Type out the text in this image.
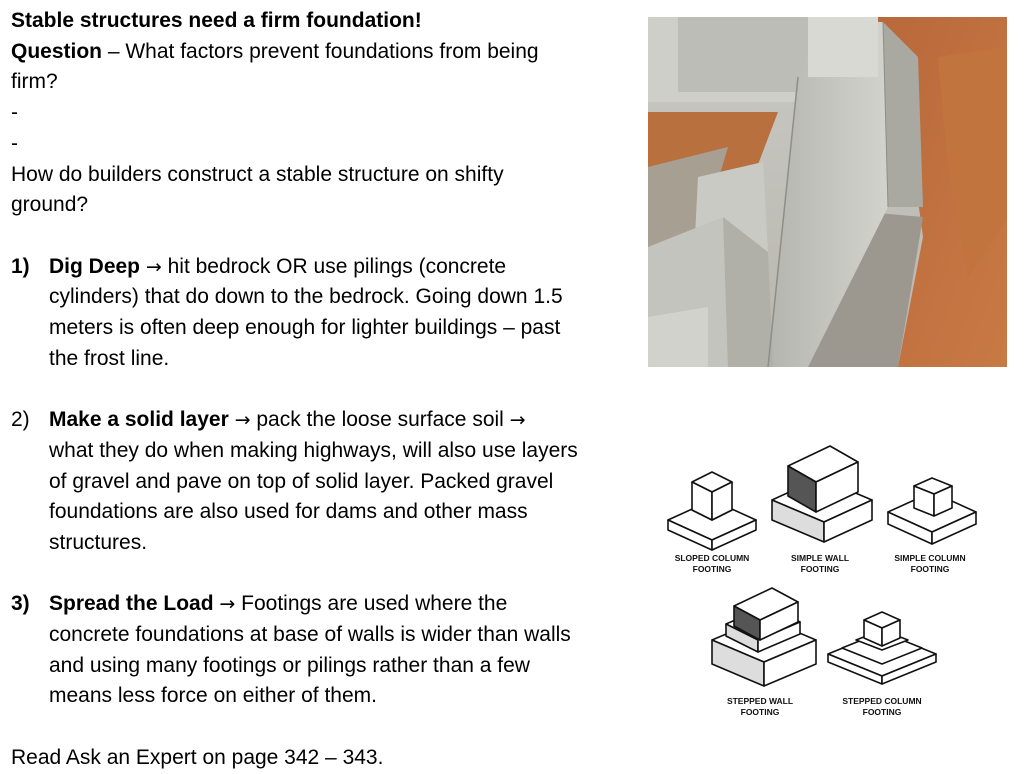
Stable structures need a firm foundation!
Question – What factors prevent foundations from being
firm?
-
-
How do builders construct a stable structure on shifty
ground?
1) Dig Deep → hit bedrock OR use pilings (concrete
cylinders) that do down to the bedrock. Going down 1.5
meters is often deep enough for lighter buildings – past
the frost line.
2) Make a solid layer → pack the loose surface soil →
what they do when making highways, will also use layers
of gravel and pave on top of solid layer. Packed gravel
foundations are also used for dams and other mass
structures.
3) Spread the Load → Footings are used where the
concrete foundations at base of walls is wider than walls
and using many footings or pilings rather than a few
means less force on either of them.
Read Ask an Expert on page 342 – 343.
SLOPED COLUMN
FOOTING
SIMPLE WALL
FOOTING
SIMPLE COLUMN
FOOTING
STEPPED WALL
FOOTING
STEPPED COLUMN
FOOTING
